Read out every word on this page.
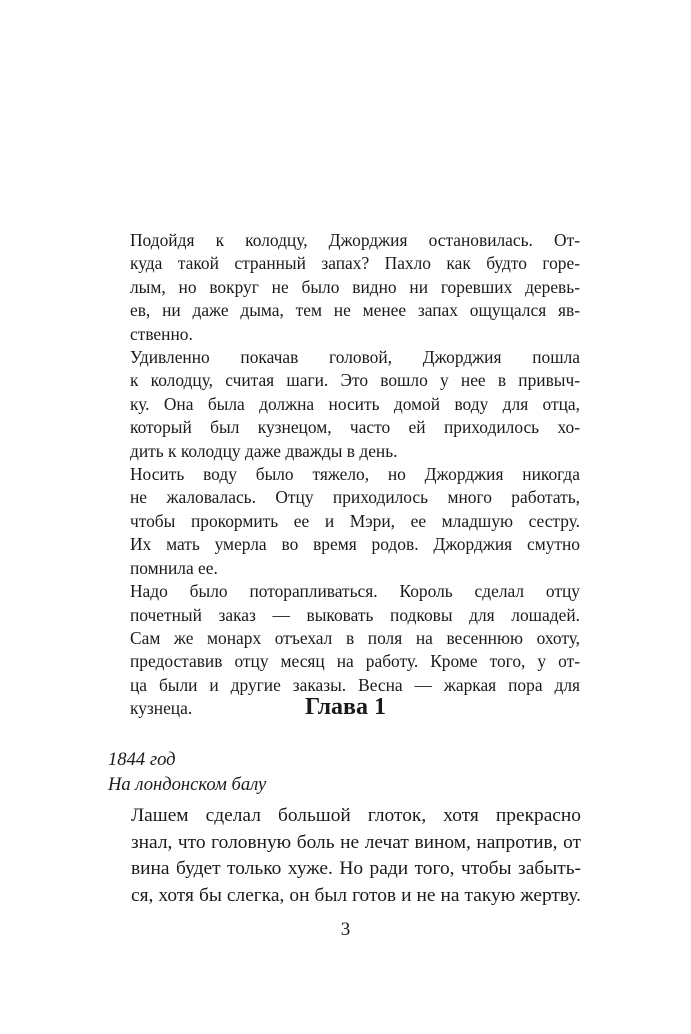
Подойдя к колодцу, Джорджия остановилась. От-
куда такой странный запах? Пахло как будто горе-
лым, но вокруг не было видно ни горевших деревь-
ев, ни даже дыма, тем не менее запах ощущался яв-
ственно.

Удивленно покачав головой, Джорджия пошла
к колодцу, считая шаги. Это вошло у нее в привыч-
ку. Она была должна носить домой воду для отца,
который был кузнецом, часто ей приходилось хо-
дить к колодцу даже дважды в день.

Носить воду было тяжело, но Джорджия никогда
не жаловалась. Отцу приходилось много работать,
чтобы прокормить ее и Мэри, ее младшую сестру.
Их мать умерла во время родов. Джорджия смутно
помнила ее.

Надо было поторапливаться. Король сделал отцу
почетный заказ — выковать подковы для лошадей.
Сам же монарх отъехал в поля на весеннюю охоту,
предоставив отцу месяц на работу. Кроме того, у от-
ца были и другие заказы. Весна — жаркая пора для
кузнеца.	Глава 1
1844 год
На лондонском балу

Лашем сделал большой глоток, хотя прекрасно
знал, что головную боль не лечат вином, напротив, от
вина будет только хуже. Но ради того, чтобы забыть-
ся, хотя бы слегка, он был готов и не на такую жертву.

3
